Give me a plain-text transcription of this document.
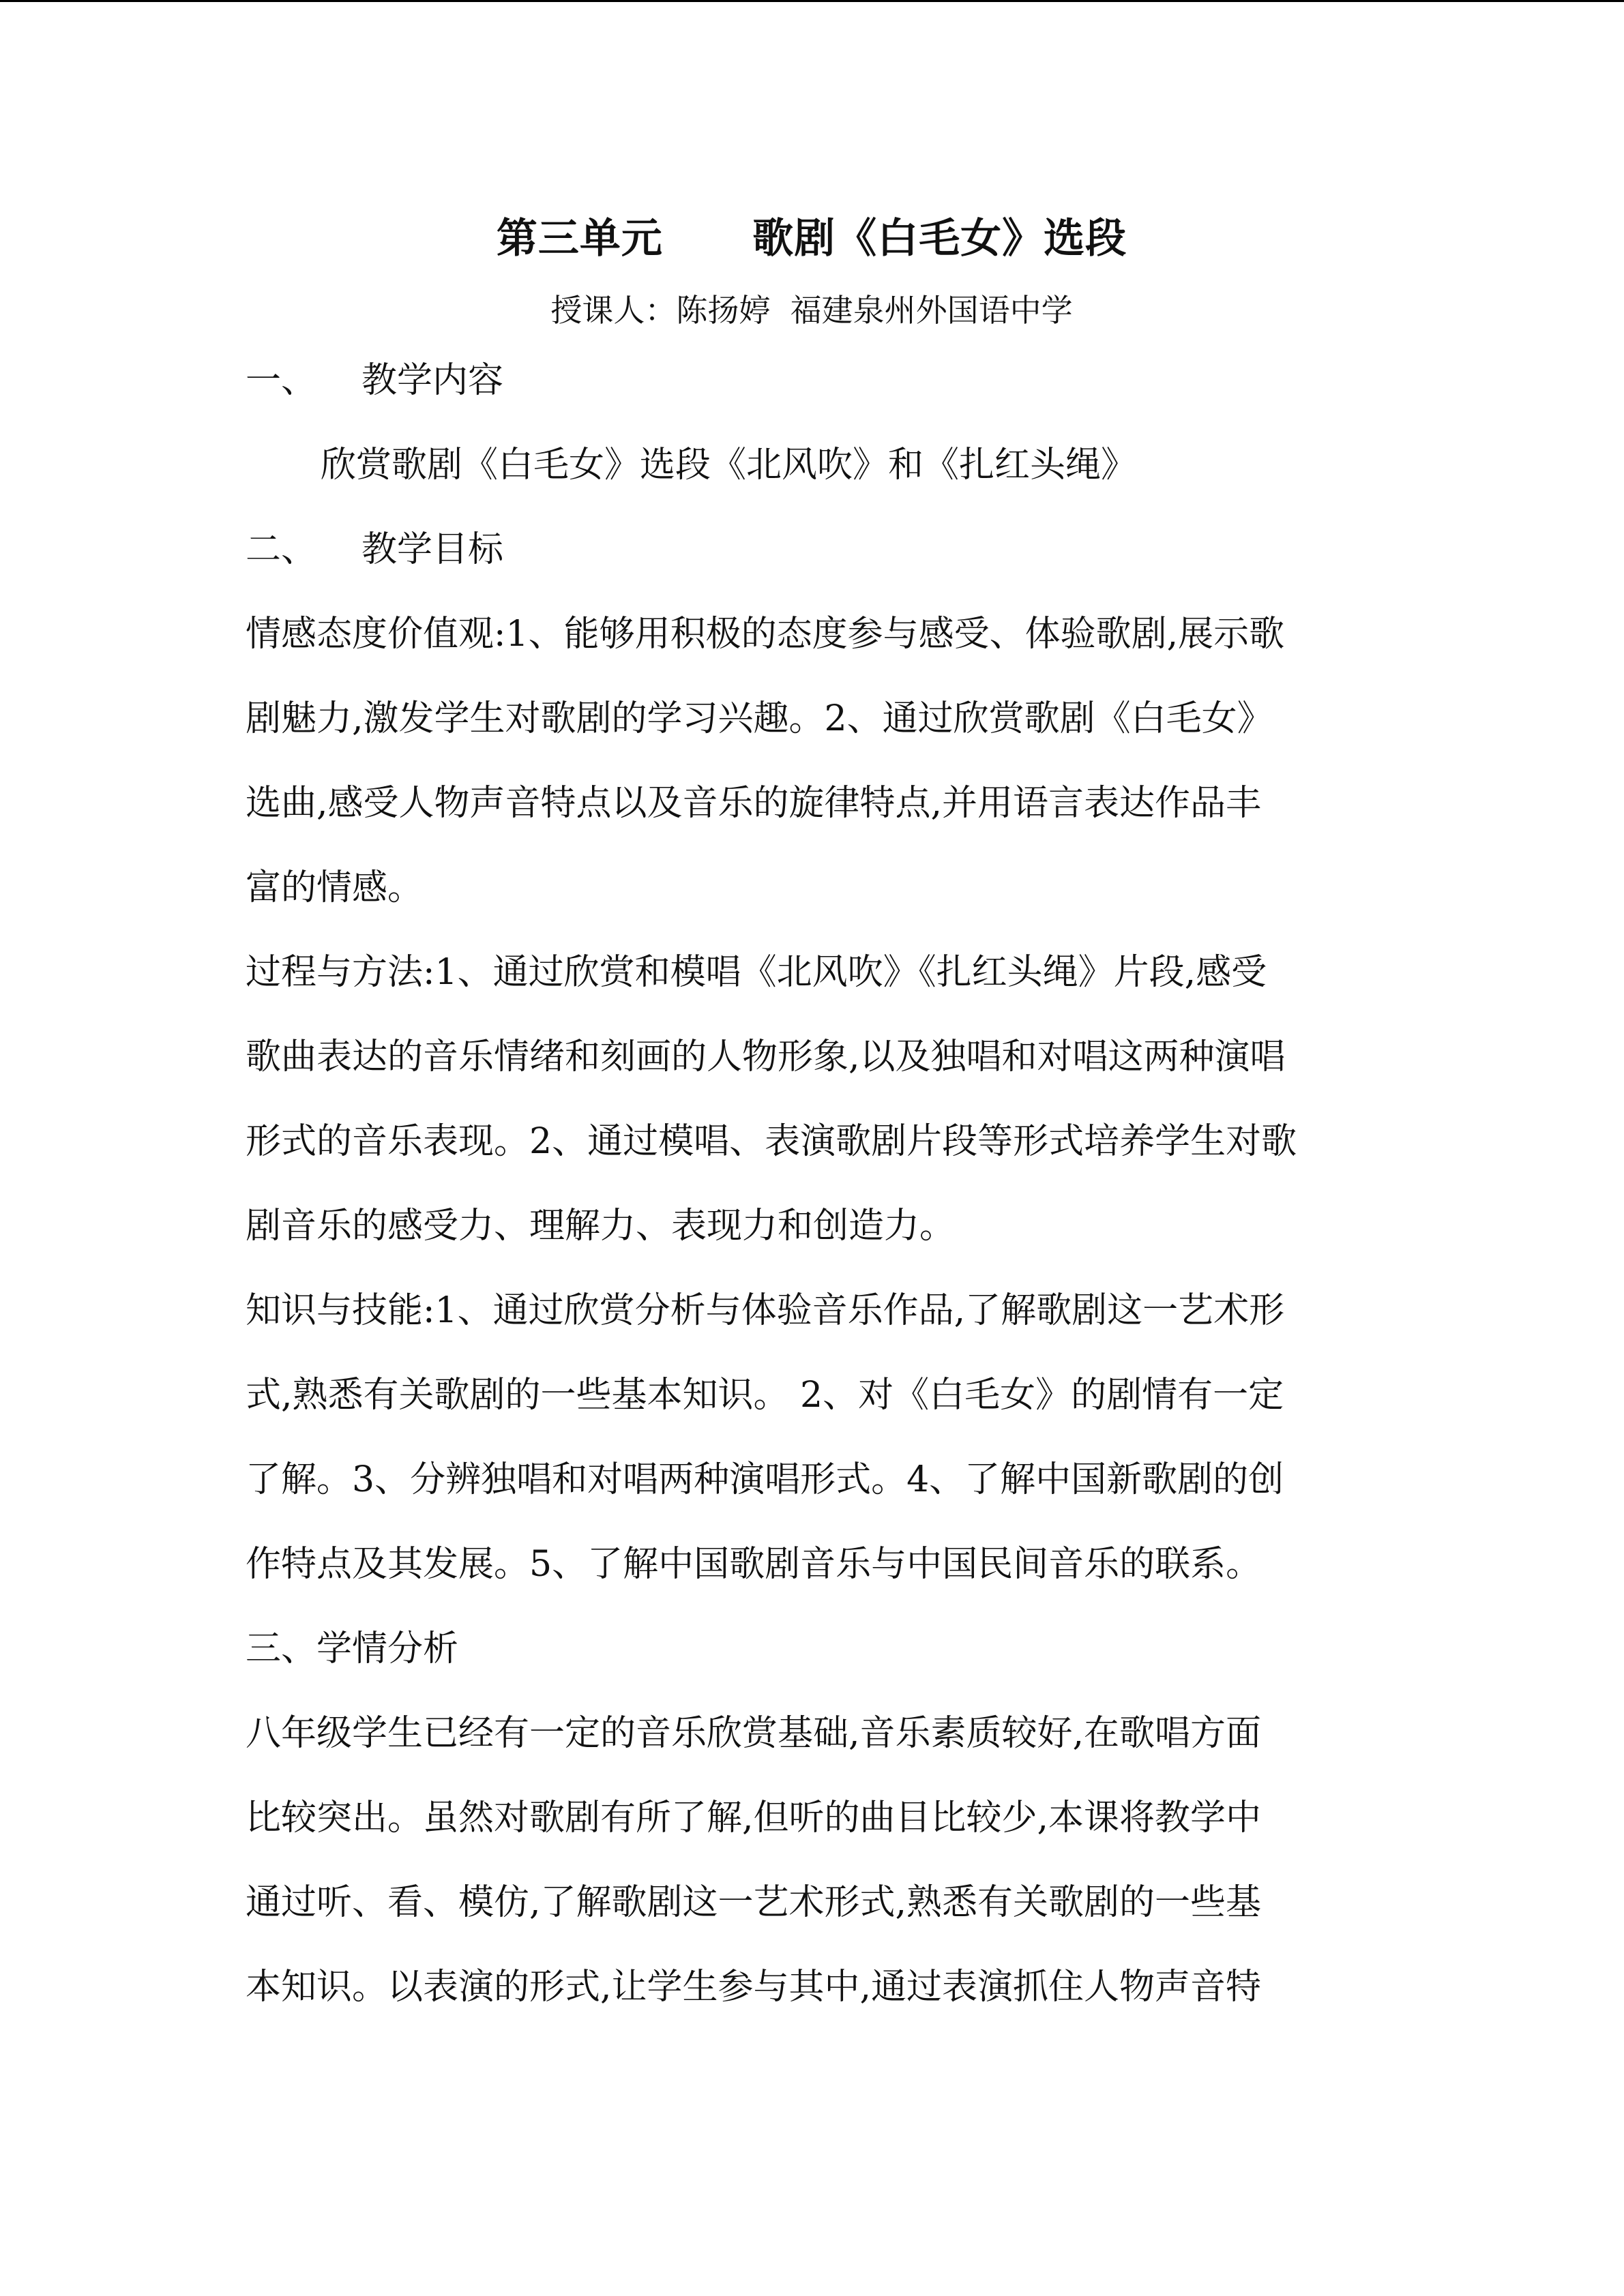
第三单元      歌剧《白毛女》选段
授课人：陈扬婷  福建泉州外国语中学
一、 教学内容
欣赏歌剧《白毛女》选段《北风吹》和《扎红头绳》
二、 教学目标
情感态度价值观:1、能够用积极的态度参与感受、体验歌剧,展示歌
剧魅力,激发学生对歌剧的学习兴趣。2、通过欣赏歌剧《白毛女》
选曲,感受人物声音特点以及音乐的旋律特点,并用语言表达作品丰
富的情感。
过程与方法:1、通过欣赏和模唱《北风吹》《扎红头绳》片段,感受
歌曲表达的音乐情绪和刻画的人物形象,以及独唱和对唱这两种演唱
形式的音乐表现。2、通过模唱、表演歌剧片段等形式培养学生对歌
剧音乐的感受力、理解力、表现力和创造力。
知识与技能:1、通过欣赏分析与体验音乐作品,了解歌剧这一艺术形
式,熟悉有关歌剧的一些基本知识。 2、对《白毛女》的剧情有一定
了解。3、分辨独唱和对唱两种演唱形式。4、了解中国新歌剧的创
作特点及其发展。5、了解中国歌剧音乐与中国民间音乐的联系。
三、学情分析
八年级学生已经有一定的音乐欣赏基础,音乐素质较好,在歌唱方面
比较突出。虽然对歌剧有所了解,但听的曲目比较少,本课将教学中
通过听、看、模仿,了解歌剧这一艺术形式,熟悉有关歌剧的一些基
本知识。以表演的形式,让学生参与其中,通过表演抓住人物声音特
